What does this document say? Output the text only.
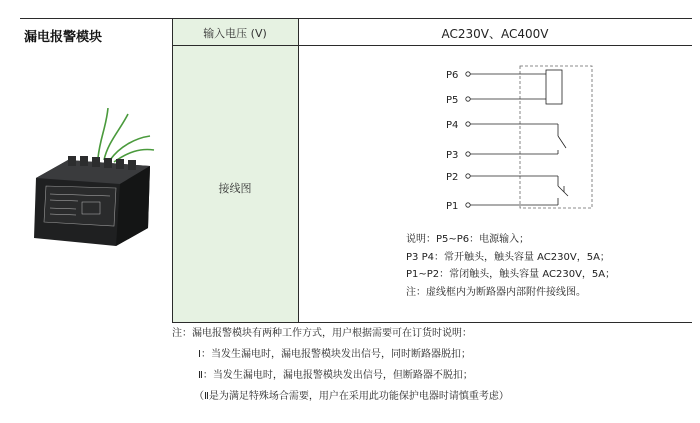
漏电报警模块	输入电压 (V)	AC230V、AC400V
接线图
P6
P5
P4
P3
P2
P1
说明：P5~P6：电源输入；
P3 P4：常开触头，触头容量 AC230V，5A；
P1~P2：常闭触头，触头容量 AC230V，5A；
注：虚线框内为断路器内部附件接线图。
注：漏电报警模块有两种工作方式，用户根据需要可在订货时说明：
Ⅰ：当发生漏电时，漏电报警模块发出信号，同时断路器脱扣；
Ⅱ：当发生漏电时，漏电报警模块发出信号，但断路器不脱扣；
（Ⅱ是为满足特殊场合需要，用户在采用此功能保护电器时请慎重考虑）
